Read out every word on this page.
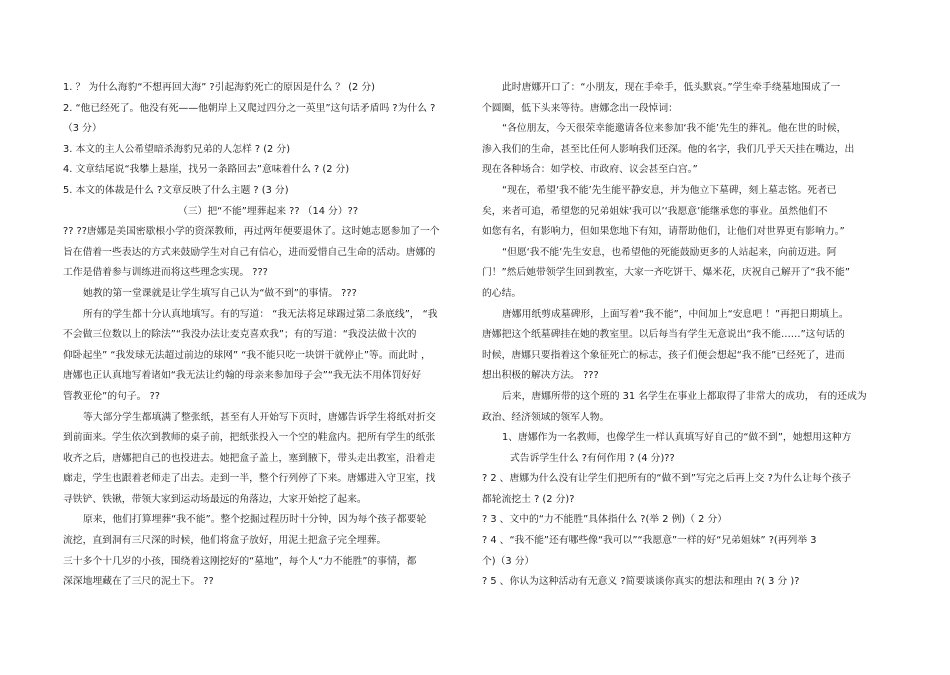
1. ？ 为什么海豹“不想再回大海” ?引起海豹死亡的原因是什么 ？ (2 分)
2. “他已经死了。他没有死——他朝岸上又爬过四分之一英里”这句话矛盾吗 ?为什么 ?
（3 分）
3. 本文的主人公希望暗杀海豹兄弟的人怎样 ? (2 分)
4. 文章结尾说“我攀上悬崖，找另一条路回去”意味着什么 ? (2 分)
5. 本文的体裁是什么 ?文章反映了什么主题 ? (3 分)
（三）把“不能”埋葬起来 ?? （14 分）??
?? ??唐娜是美国密歇根小学的资深教师，再过两年便要退休了。这时她志愿参加了一个
旨在借着一些表达的方式来鼓励学生对自己有信心，进而爱惜自己生命的活动。唐娜的
工作是借着参与训练进而将这些理念实现。 ???
她教的第一堂课就是让学生填写自己认为“做不到”的事情。 ???
所有的学生都十分认真地填写。有的写道： “我无法将足球踢过第二条底线”， “我
不会做三位数以上的除法”“我没办法让麦克喜欢我”；有的写道：“我没法做十次的
仰卧起坐” “我发球无法超过前边的球网” “我不能只吃一块饼干就停止”等。而此时 ，
唐娜也正认真地写着诸如“我无法让约翰的母亲来参加母子会”“我无法不用体罚好好
管教亚伦”的句子。 ??
等大部分学生都填满了整张纸，甚至有人开始写下页时，唐娜告诉学生将纸对折交
到前面来。学生依次到教师的桌子前，把纸张投入一个空的鞋盒内。把所有学生的纸张
收齐之后，唐娜把自己的也投进去。她把盒子盖上，塞到腋下，带头走出教室，沿着走
廊走，学生也跟着老师走了出去。走到一半，整个行列停了下来。唐娜进入守卫室，找
寻铁铲、铁锹，带领大家到运动场最远的角落边，大家开始挖了起来。
原来，他们打算埋葬“我不能”。整个挖掘过程历时十分钟，因为每个孩子都要轮
流挖，直到洞有三尺深的时候，他们将盒子放好，用泥土把盒子完全埋葬。
三十多个十几岁的小孩，围绕着这刚挖好的“墓地”，每个人“力不能胜”的事情，都
深深地埋藏在了三尺的泥土下。 ??
此时唐娜开口了：“小朋友，现在手牵手，低头默哀。”学生牵手绕墓地围成了一
个圆圈，低下头来等待。唐娜念出一段悼词：
“各位朋友，今天很荣幸能邀请各位来参加‘我不能’先生的葬礼。他在世的时候，
渗入我们的生命，甚至比任何人影响我们还深。他的名字，我们几乎天天挂在嘴边，出
现在各种场合：如学校、市政府、议会甚至白宫。”
“现在，希望‘我不能’先生能平静安息，并为他立下墓碑，刻上墓志铭。死者已
矣，来者可追，希望您的兄弟姐妹‘我可以’‘我愿意’能继承您的事业。虽然他们不
如您有名，有影响力，但如果您地下有知，请帮助他们，让他们对世界更有影响力。”
“但愿‘我不能’先生安息，也希望他的死能鼓励更多的人站起来，向前迈进。阿
门！”然后她带领学生回到教室，大家一齐吃饼干、爆米花，庆祝自己解开了“我不能”
的心结。
唐娜用纸剪成墓碑形，上面写着“我不能”，中间加上“安息吧 ！”再把日期填上。
唐娜把这个纸墓碑挂在她的教室里。以后每当有学生无意说出“我不能……”这句话的
时候，唐娜只要指着这个象征死亡的标志，孩子们便会想起“我不能”已经死了，进而
想出积极的解决方法。 ???
后来，唐娜所带的这个班的 31 名学生在事业上都取得了非常大的成功， 有的还成为
政治、经济领域的领军人物。
1、唐娜作为一名教师，也像学生一样认真填写好自己的“做不到”，她想用这种方
式告诉学生什么 ?有何作用 ? (4 分)??
? 2 、唐娜为什么没有让学生们把所有的“做不到”写完之后再上交 ?为什么让每个孩子
都轮流挖土 ? (2 分)?
? 3 、文中的“力不能胜”具体指什么 ?(举 2 例)（ 2 分）
? 4 、“我不能”还有哪些像“我可以”“我愿意”一样的好“兄弟姐妹” ?(再列举 3
个)（3 分）
? 5 、你认为这种活动有无意义 ?简要谈谈你真实的想法和理由 ?( 3 分 )?
